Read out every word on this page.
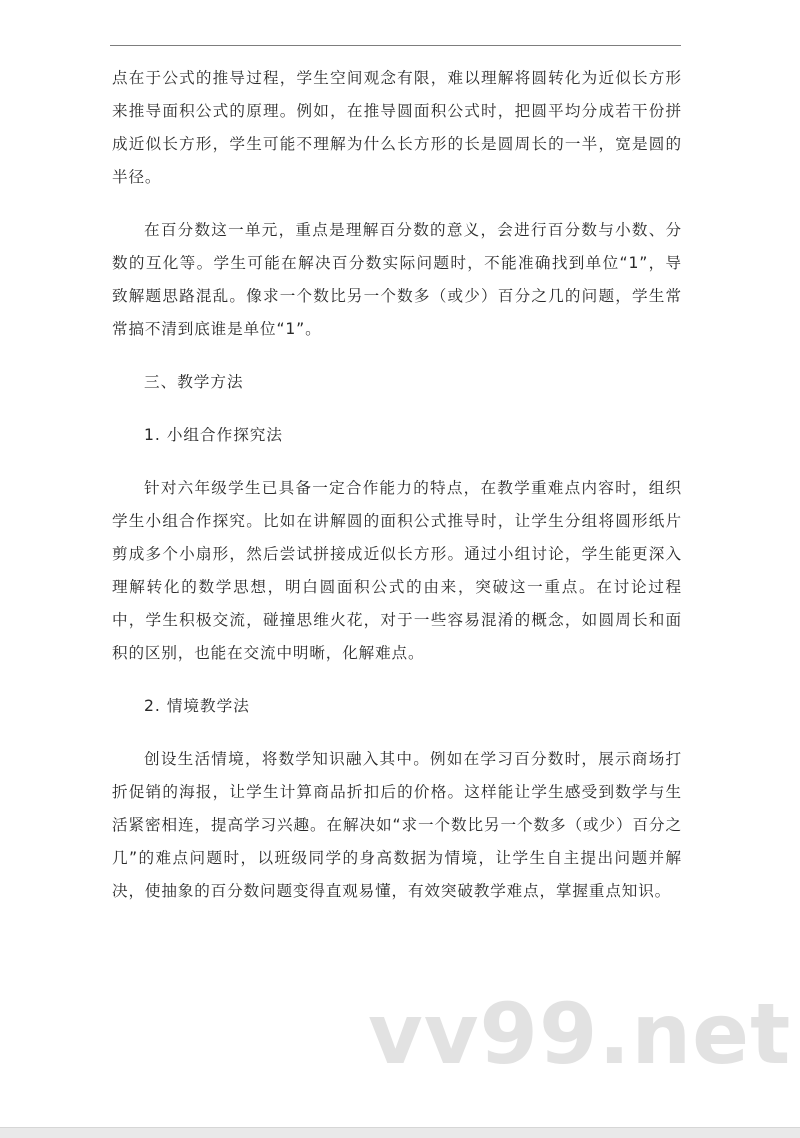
点在于公式的推导过程，学生空间观念有限，难以理解将圆转化为近似长方形来推导面积公式的原理。例如，在推导圆面积公式时，把圆平均分成若干份拼成近似长方形，学生可能不理解为什么长方形的长是圆周长的一半，宽是圆的半径。

在百分数这一单元，重点是理解百分数的意义，会进行百分数与小数、分数的互化等。学生可能在解决百分数实际问题时，不能准确找到单位“1”，导致解题思路混乱。像求一个数比另一个数多（或少）百分之几的问题，学生常常搞不清到底谁是单位“1”。

三、教学方法

1. 小组合作探究法

针对六年级学生已具备一定合作能力的特点，在教学重难点内容时，组织学生小组合作探究。比如在讲解圆的面积公式推导时，让学生分组将圆形纸片剪成多个小扇形，然后尝试拼接成近似长方形。通过小组讨论，学生能更深入理解转化的数学思想，明白圆面积公式的由来，突破这一重点。在讨论过程中，学生积极交流，碰撞思维火花，对于一些容易混淆的概念，如圆周长和面积的区别，也能在交流中明晰，化解难点。

2. 情境教学法

创设生活情境，将数学知识融入其中。例如在学习百分数时，展示商场打折促销的海报，让学生计算商品折扣后的价格。这样能让学生感受到数学与生活紧密相连，提高学习兴趣。在解决如“求一个数比另一个数多（或少）百分之几”的难点问题时，以班级同学的身高数据为情境，让学生自主提出问题并解决，使抽象的百分数问题变得直观易懂，有效突破教学难点，掌握重点知识。

vv99.net
